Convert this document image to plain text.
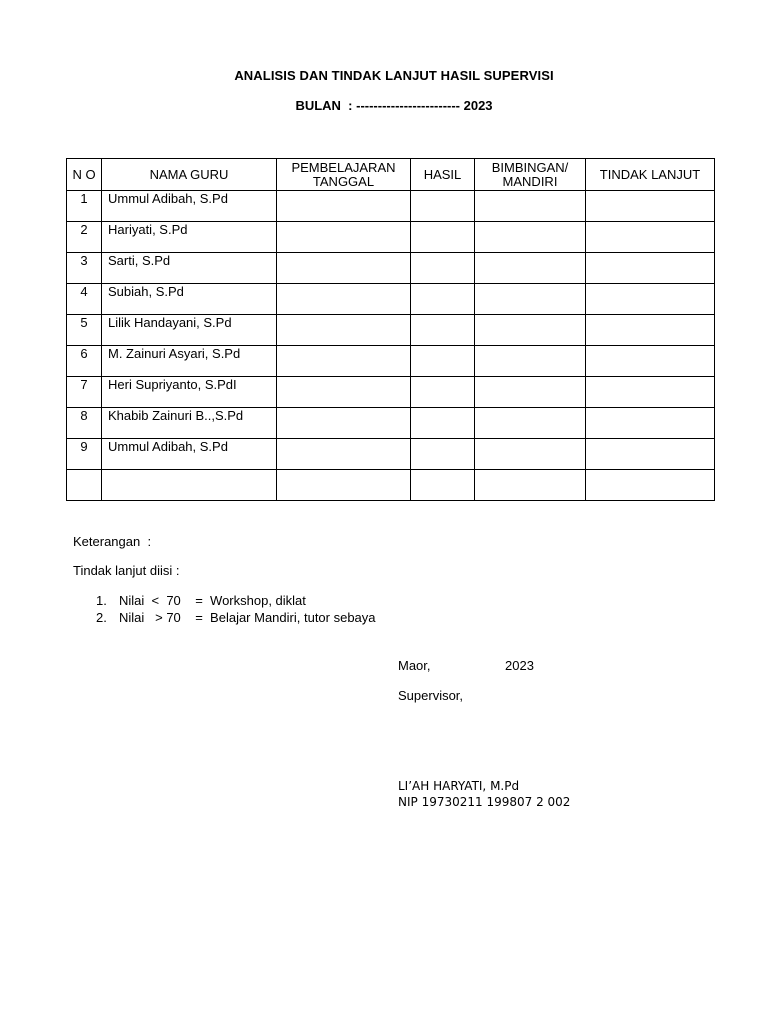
ANALISIS DAN TINDAK LANJUT HASIL SUPERVISI
BULAN  : ------------------------ 2023
N O	NAMA GURU	PEMBELAJARAN TANGGAL	HASIL	BIMBINGAN/ MANDIRI	TINDAK LANJUT
1	Ummul Adibah, S.Pd				
2	Hariyati, S.Pd				
3	Sarti, S.Pd				
4	Subiah, S.Pd				
5	Lilik Handayani, S.Pd				
6	M. Zainuri Asyari, S.Pd				
7	Heri Supriyanto, S.PdI				
8	Khabib Zainuri B..,S.Pd				
9	Ummul Adibah, S.Pd				

Keterangan  :
Tindak lanjut diisi :
1. Nilai  <  70    =  Workshop, diklat
2. Nilai   > 70    =  Belajar Mandiri, tutor sebaya
Maor,	2023
Supervisor,
LI’AH HARYATI, M.Pd
NIP 19730211 199807 2 002
